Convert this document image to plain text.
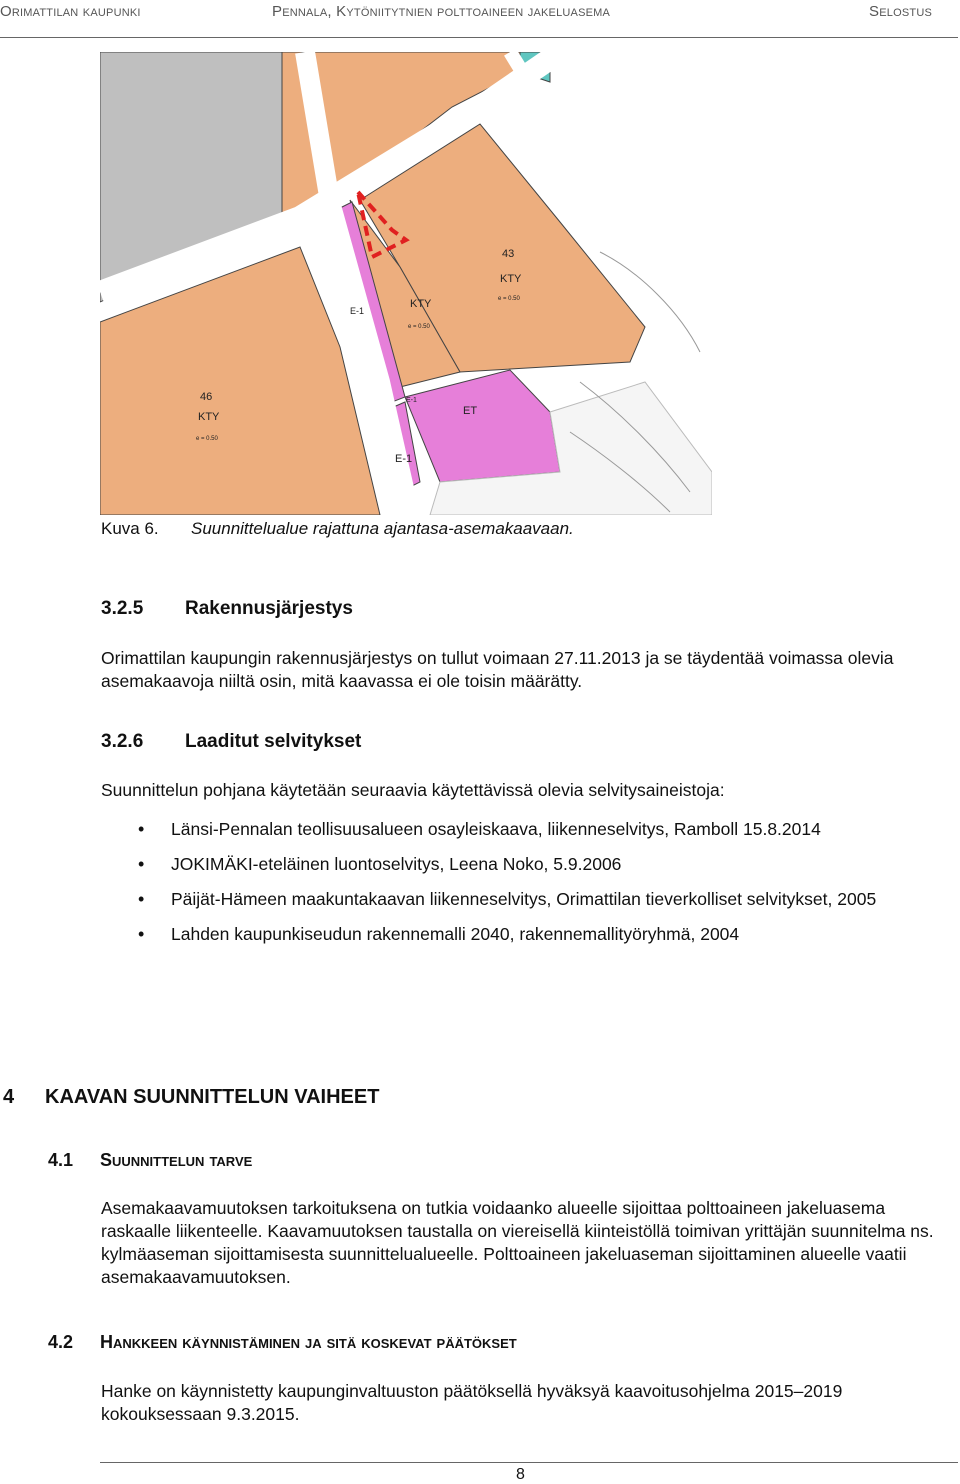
Orimattilan kaupunki	Pennala, Kytöniitytnien polttoaineen jakeluasema	Selostus
43
KTY
e = 0.50
KTY
e = 0.50
46
KTY
e = 0.50
ET
E-1
E-1
E-1
Kuva 6. Suunnittelualue rajattuna ajantasa-asemakaavaan.
3.2.5 Rakennusjärjestys

Orimattilan kaupungin rakennusjärjestys on tullut voimaan 27.11.2013 ja se täydentää voimassa olevia asemakaavoja niiltä osin, mitä kaavassa ei ole toisin määrätty.

3.2.6 Laaditut selvitykset

Suunnittelun pohjana käytetään seuraavia käytettävissä olevia selvitysaineistoja:

• Länsi-Pennalan teollisuusalueen osayleiskaava, liikenneselvitys, Ramboll 15.8.2014
• JOKIMÄKI-eteläinen luontoselvitys, Leena Noko, 5.9.2006
• Päijät-Hämeen maakuntakaavan liikenneselvitys, Orimattilan tieverkolliset selvitykset, 2005
• Lahden kaupunkiseudun rakennemalli 2040, rakennemallityöryhmä, 2004
4 KAAVAN SUUNNITTELUN VAIHEET
4.1 Suunnittelun tarve

Asemakaavamuutoksen tarkoituksena on tutkia voidaanko alueelle sijoittaa polttoaineen jakeluasema raskaalle liikenteelle. Kaavamuutoksen taustalla on viereisellä kiinteistöllä toimivan yrittäjän suunnitelma ns. kylmäaseman sijoittamisesta suunnittelualueelle. Polttoaineen jakeluaseman sijoittaminen alueelle vaatii asemakaavamuutoksen.

4.2 Hankkeen käynnistäminen ja sitä koskevat päätökset

Hanke on käynnistetty kaupunginvaltuuston päätöksellä hyväksyä kaavoitusohjelma 2015–2019 kokouksessaan 9.3.2015.

8
